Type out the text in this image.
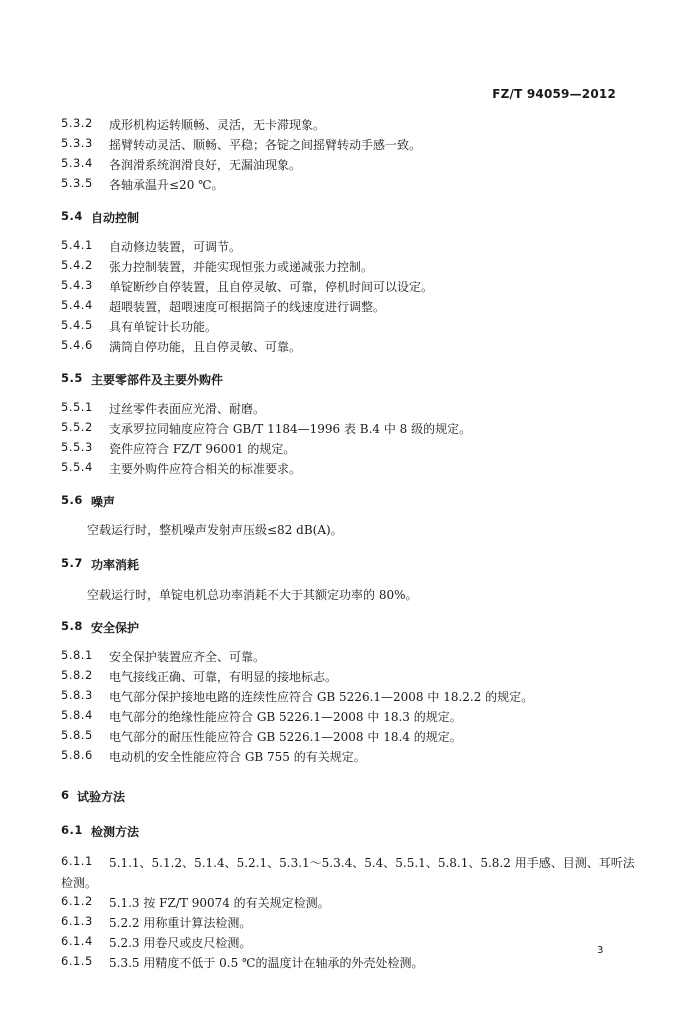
FZ/T 94059—2012
5.3.2 成形机构运转顺畅、灵活，无卡滞现象。
5.3.3 摇臂转动灵活、顺畅、平稳；各锭之间摇臂转动手感一致。
5.3.4 各润滑系统润滑良好，无漏油现象。
5.3.5 各轴承温升≤20 ℃。
5.4 自动控制
5.4.1 自动修边装置，可调节。
5.4.2 张力控制装置，并能实现恒张力或递减张力控制。
5.4.3 单锭断纱自停装置，且自停灵敏、可靠，停机时间可以设定。
5.4.4 超喂装置，超喂速度可根据筒子的线速度进行调整。
5.4.5 具有单锭计长功能。
5.4.6 满筒自停功能，且自停灵敏、可靠。
5.5 主要零部件及主要外购件
5.5.1 过丝零件表面应光滑、耐磨。
5.5.2 支承罗拉同轴度应符合 GB/T 1184—1996 表 B.4 中 8 级的规定。
5.5.3 瓷件应符合 FZ/T 96001 的规定。
5.5.4 主要外购件应符合相关的标准要求。
5.6 噪声
空载运行时，整机噪声发射声压级≤82 dB(A)。
5.7 功率消耗
空载运行时，单锭电机总功率消耗不大于其额定功率的 80%。
5.8 安全保护
5.8.1 安全保护装置应齐全、可靠。
5.8.2 电气接线正确、可靠，有明显的接地标志。
5.8.3 电气部分保护接地电路的连续性应符合 GB 5226.1—2008 中 18.2.2 的规定。
5.8.4 电气部分的绝缘性能应符合 GB 5226.1—2008 中 18.3 的规定。
5.8.5 电气部分的耐压性能应符合 GB 5226.1—2008 中 18.4 的规定。
5.8.6 电动机的安全性能应符合 GB 755 的有关规定。
6 试验方法
6.1 检测方法
6.1.1 5.1.1、5.1.2、5.1.4、5.2.1、5.3.1～5.3.4、5.4、5.5.1、5.8.1、5.8.2 用手感、目测、耳听法
检测。
6.1.2 5.1.3 按 FZ/T 90074 的有关规定检测。
6.1.3 5.2.2 用称重计算法检测。
6.1.4 5.2.3 用卷尺或皮尺检测。
6.1.5 5.3.5 用精度不低于 0.5 ℃的温度计在轴承的外壳处检测。
3
